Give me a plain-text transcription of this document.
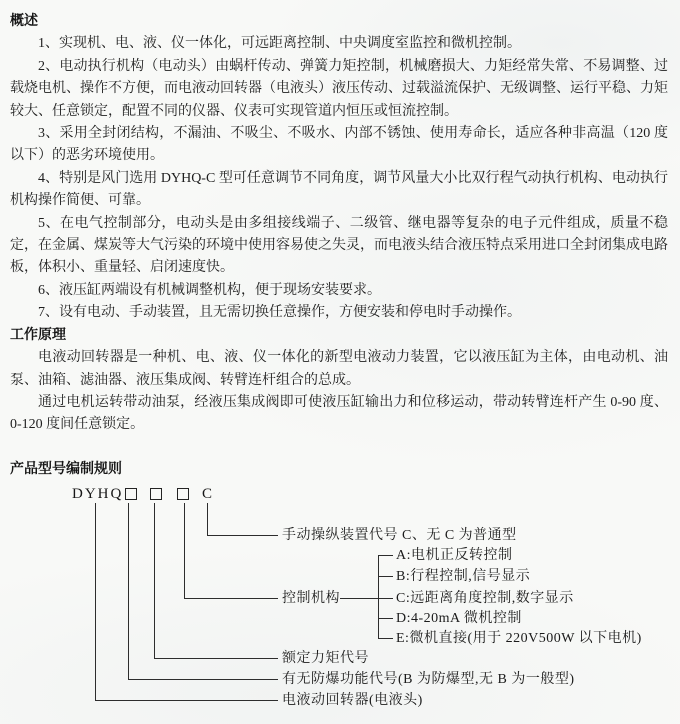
概述

1、实现机、电、液、仪一体化，可远距离控制、中央调度室监控和微机控制。

2、电动执行机构（电动头）由蜗杆传动、弹簧力矩控制，机械磨损大、力矩经常失常、不易调整、过载烧电机、操作不方便，而电液动回转器（电液头）液压传动、过载溢流保护、无级调整、运行平稳、力矩较大、任意锁定，配置不同的仪器、仪表可实现管道内恒压或恒流控制。

3、采用全封闭结构，不漏油、不吸尘、不吸水、内部不锈蚀、使用寿命长，适应各种非高温（120 度以下）的恶劣环境使用。

4、特别是风门选用 DYHQ-C 型可任意调节不同角度，调节风量大小比双行程气动执行机构、电动执行机构操作简便、可靠。

5、在电气控制部分，电动头是由多组接线端子、二级管、继电器等复杂的电子元件组成，质量不稳定，在金属、煤炭等大气污染的环境中使用容易使之失灵，而电液头结合液压特点采用进口全封闭集成电路板，体积小、重量轻、启闭速度快。

6、液压缸两端设有机械调整机构，便于现场安装要求。

7、设有电动、手动装置，且无需切换任意操作，方便安装和停电时手动操作。

工作原理

电液动回转器是一种机、电、液、仪一体化的新型电液动力装置，它以液压缸为主体，由电动机、油泵、油箱、滤油器、液压集成阀、转臂连杆组合的总成。

通过电机运转带动油泵，经液压集成阀即可使液压缸输出力和位移运动，带动转臂连杆产生 0-90 度、0-120 度间任意锁定。

产品型号编制规则
DYHQ	C
手动操纵装置代号 C、无 C 为普通型
控制机构
额定力矩代号
有无防爆功能代号(B 为防爆型,无 B 为一般型)
电液动回转器(电液头)
A:电机正反转控制
B:行程控制,信号显示
C:远距离角度控制,数字显示
D:4-20mA 微机控制
E:微机直接(用于 220V500W 以下电机)
